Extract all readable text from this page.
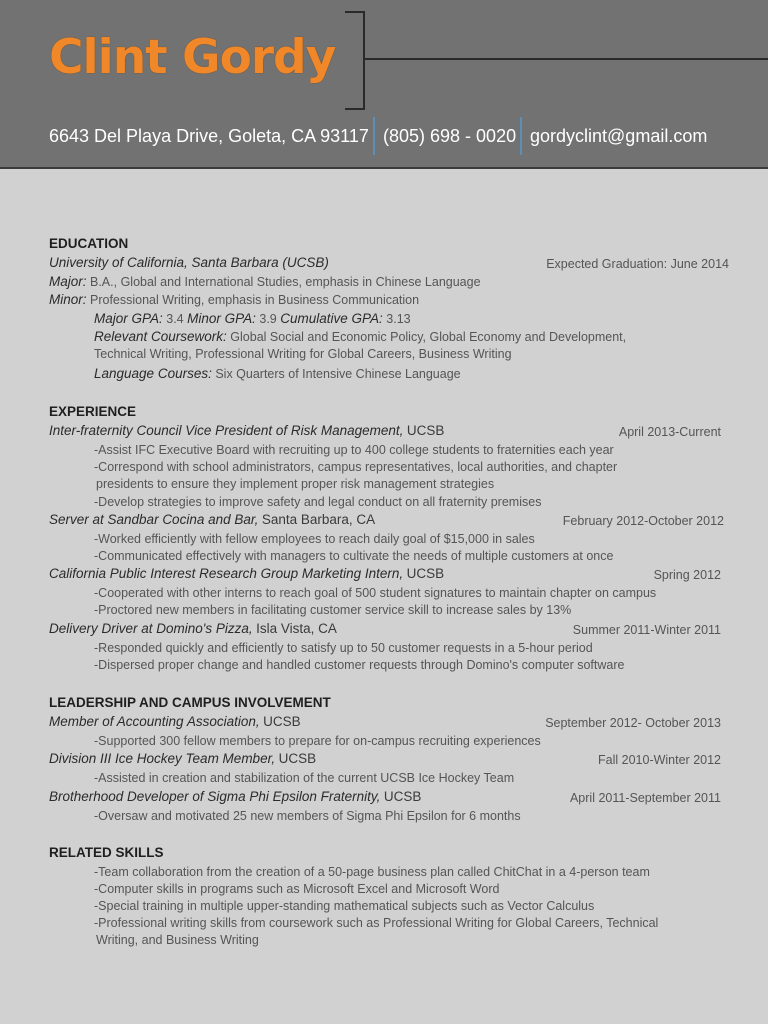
Clint Gordy
6643 Del Playa Drive, Goleta, CA 93117 (805) 698 - 0020 gordyclint@gmail.com
EDUCATION
University of California, Santa Barbara (UCSB)	Expected Graduation: June 2014
Major: B.A., Global and International Studies, emphasis in Chinese Language
Minor: Professional Writing, emphasis in Business Communication
Major GPA: 3.4 Minor GPA: 3.9 Cumulative GPA: 3.13
Relevant Coursework: Global Social and Economic Policy, Global Economy and Development,
Technical Writing, Professional Writing for Global Careers, Business Writing
Language Courses: Six Quarters of Intensive Chinese Language
EXPERIENCE
Inter-fraternity Council Vice President of Risk Management, UCSB	April 2013-Current
-Assist IFC Executive Board with recruiting up to 400 college students to fraternities each year
-Correspond with school administrators, campus representatives, local authorities, and chapter
presidents to ensure they implement proper risk management strategies
-Develop strategies to improve safety and legal conduct on all fraternity premises
Server at Sandbar Cocina and Bar, Santa Barbara, CA	February 2012-October 2012
-Worked efficiently with fellow employees to reach daily goal of $15,000 in sales
-Communicated effectively with managers to cultivate the needs of multiple customers at once
California Public Interest Research Group Marketing Intern, UCSB	Spring 2012
-Cooperated with other interns to reach goal of 500 student signatures to maintain chapter on campus
-Proctored new members in facilitating customer service skill to increase sales by 13%
Delivery Driver at Domino's Pizza, Isla Vista, CA	Summer 2011-Winter 2011
-Responded quickly and efficiently to satisfy up to 50 customer requests in a 5-hour period
-Dispersed proper change and handled customer requests through Domino's computer software
LEADERSHIP AND CAMPUS INVOLVEMENT
Member of Accounting Association, UCSB	September 2012- October 2013
-Supported 300 fellow members to prepare for on-campus recruiting experiences
Division III Ice Hockey Team Member, UCSB	Fall 2010-Winter 2012
-Assisted in creation and stabilization of the current UCSB Ice Hockey Team
Brotherhood Developer of Sigma Phi Epsilon Fraternity, UCSB	April 2011-September 2011
-Oversaw and motivated 25 new members of Sigma Phi Epsilon for 6 months
RELATED SKILLS
-Team collaboration from the creation of a 50-page business plan called ChitChat in a 4-person team
-Computer skills in programs such as Microsoft Excel and Microsoft Word
-Special training in multiple upper-standing mathematical subjects such as Vector Calculus
-Professional writing skills from coursework such as Professional Writing for Global Careers, Technical
Writing, and Business Writing
